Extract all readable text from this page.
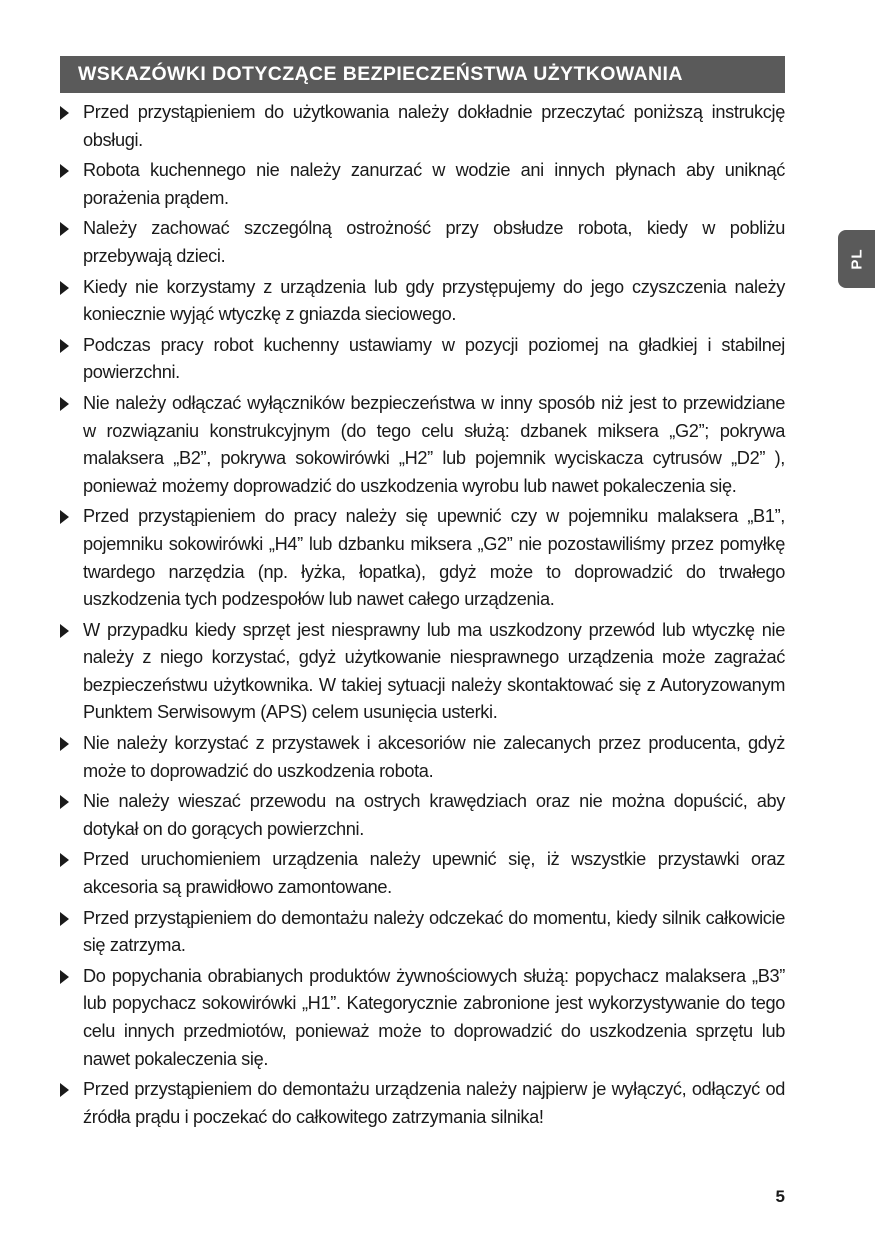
WSKAZÓWKI DOTYCZĄCE BEZPIECZEŃSTWA UŻYTKOWANIA
PL
Przed przystąpieniem do użytkowania należy dokładnie przeczytać poniższą instrukcję obsługi.
Robota kuchennego nie należy zanurzać w wodzie ani innych płynach aby uniknąć porażenia prądem.
Należy zachować szczególną ostrożność przy obsłudze robota, kiedy w pobliżu przebywają dzieci.
Kiedy nie korzystamy z urządzenia lub gdy przystępujemy do jego czyszczenia należy koniecznie wyjąć wtyczkę z gniazda sieciowego.
Podczas pracy robot kuchenny ustawiamy w pozycji poziomej na gładkiej i stabilnej powierzchni.
Nie należy odłączać wyłączników bezpieczeństwa w inny sposób niż jest to przewidziane w rozwiązaniu konstrukcyjnym (do tego celu służą: dzbanek miksera „G2”; pokrywa malaksera „B2”, pokrywa sokowirówki „H2” lub pojemnik wyciskacza cytrusów „D2” ), ponieważ możemy doprowadzić do uszkodzenia wyrobu lub nawet pokaleczenia się.
Przed przystąpieniem do pracy należy się upewnić czy w pojemniku malaksera „B1”, pojemniku sokowirówki „H4” lub dzbanku miksera „G2” nie pozostawiliśmy przez pomyłkę twardego narzędzia (np. łyżka, łopatka), gdyż może to doprowadzić do trwałego uszkodzenia tych podzespołów lub nawet całego urządzenia.
W przypadku kiedy sprzęt jest niesprawny lub ma uszkodzony przewód lub wtyczkę nie należy z niego korzystać, gdyż użytkowanie niesprawnego urządzenia może zagrażać bezpieczeństwu użytkownika. W takiej sytuacji należy skontaktować się z Autoryzowanym Punktem Serwisowym (APS) celem usunięcia usterki.
Nie należy korzystać z przystawek i akcesoriów nie zalecanych przez producenta, gdyż może to doprowadzić do uszkodzenia robota.
Nie należy wieszać przewodu na ostrych krawędziach oraz nie można dopuścić, aby dotykał on do gorących powierzchni.
Przed uruchomieniem urządzenia należy upewnić się, iż wszystkie przystawki oraz akcesoria są prawidłowo zamontowane.
Przed przystąpieniem do demontażu należy odczekać do momentu, kiedy silnik całkowicie się zatrzyma.
Do popychania obrabianych produktów żywnościowych służą: popychacz malaksera „B3” lub popychacz sokowirówki „H1”. Kategorycznie zabronione jest wykorzystywanie do tego celu innych przedmiotów, ponieważ może to doprowadzić do uszkodzenia sprzętu lub nawet pokaleczenia się.
Przed przystąpieniem do demontażu urządzenia należy najpierw je wyłączyć, odłączyć od źródła prądu i poczekać do całkowitego zatrzymania silnika!
5
